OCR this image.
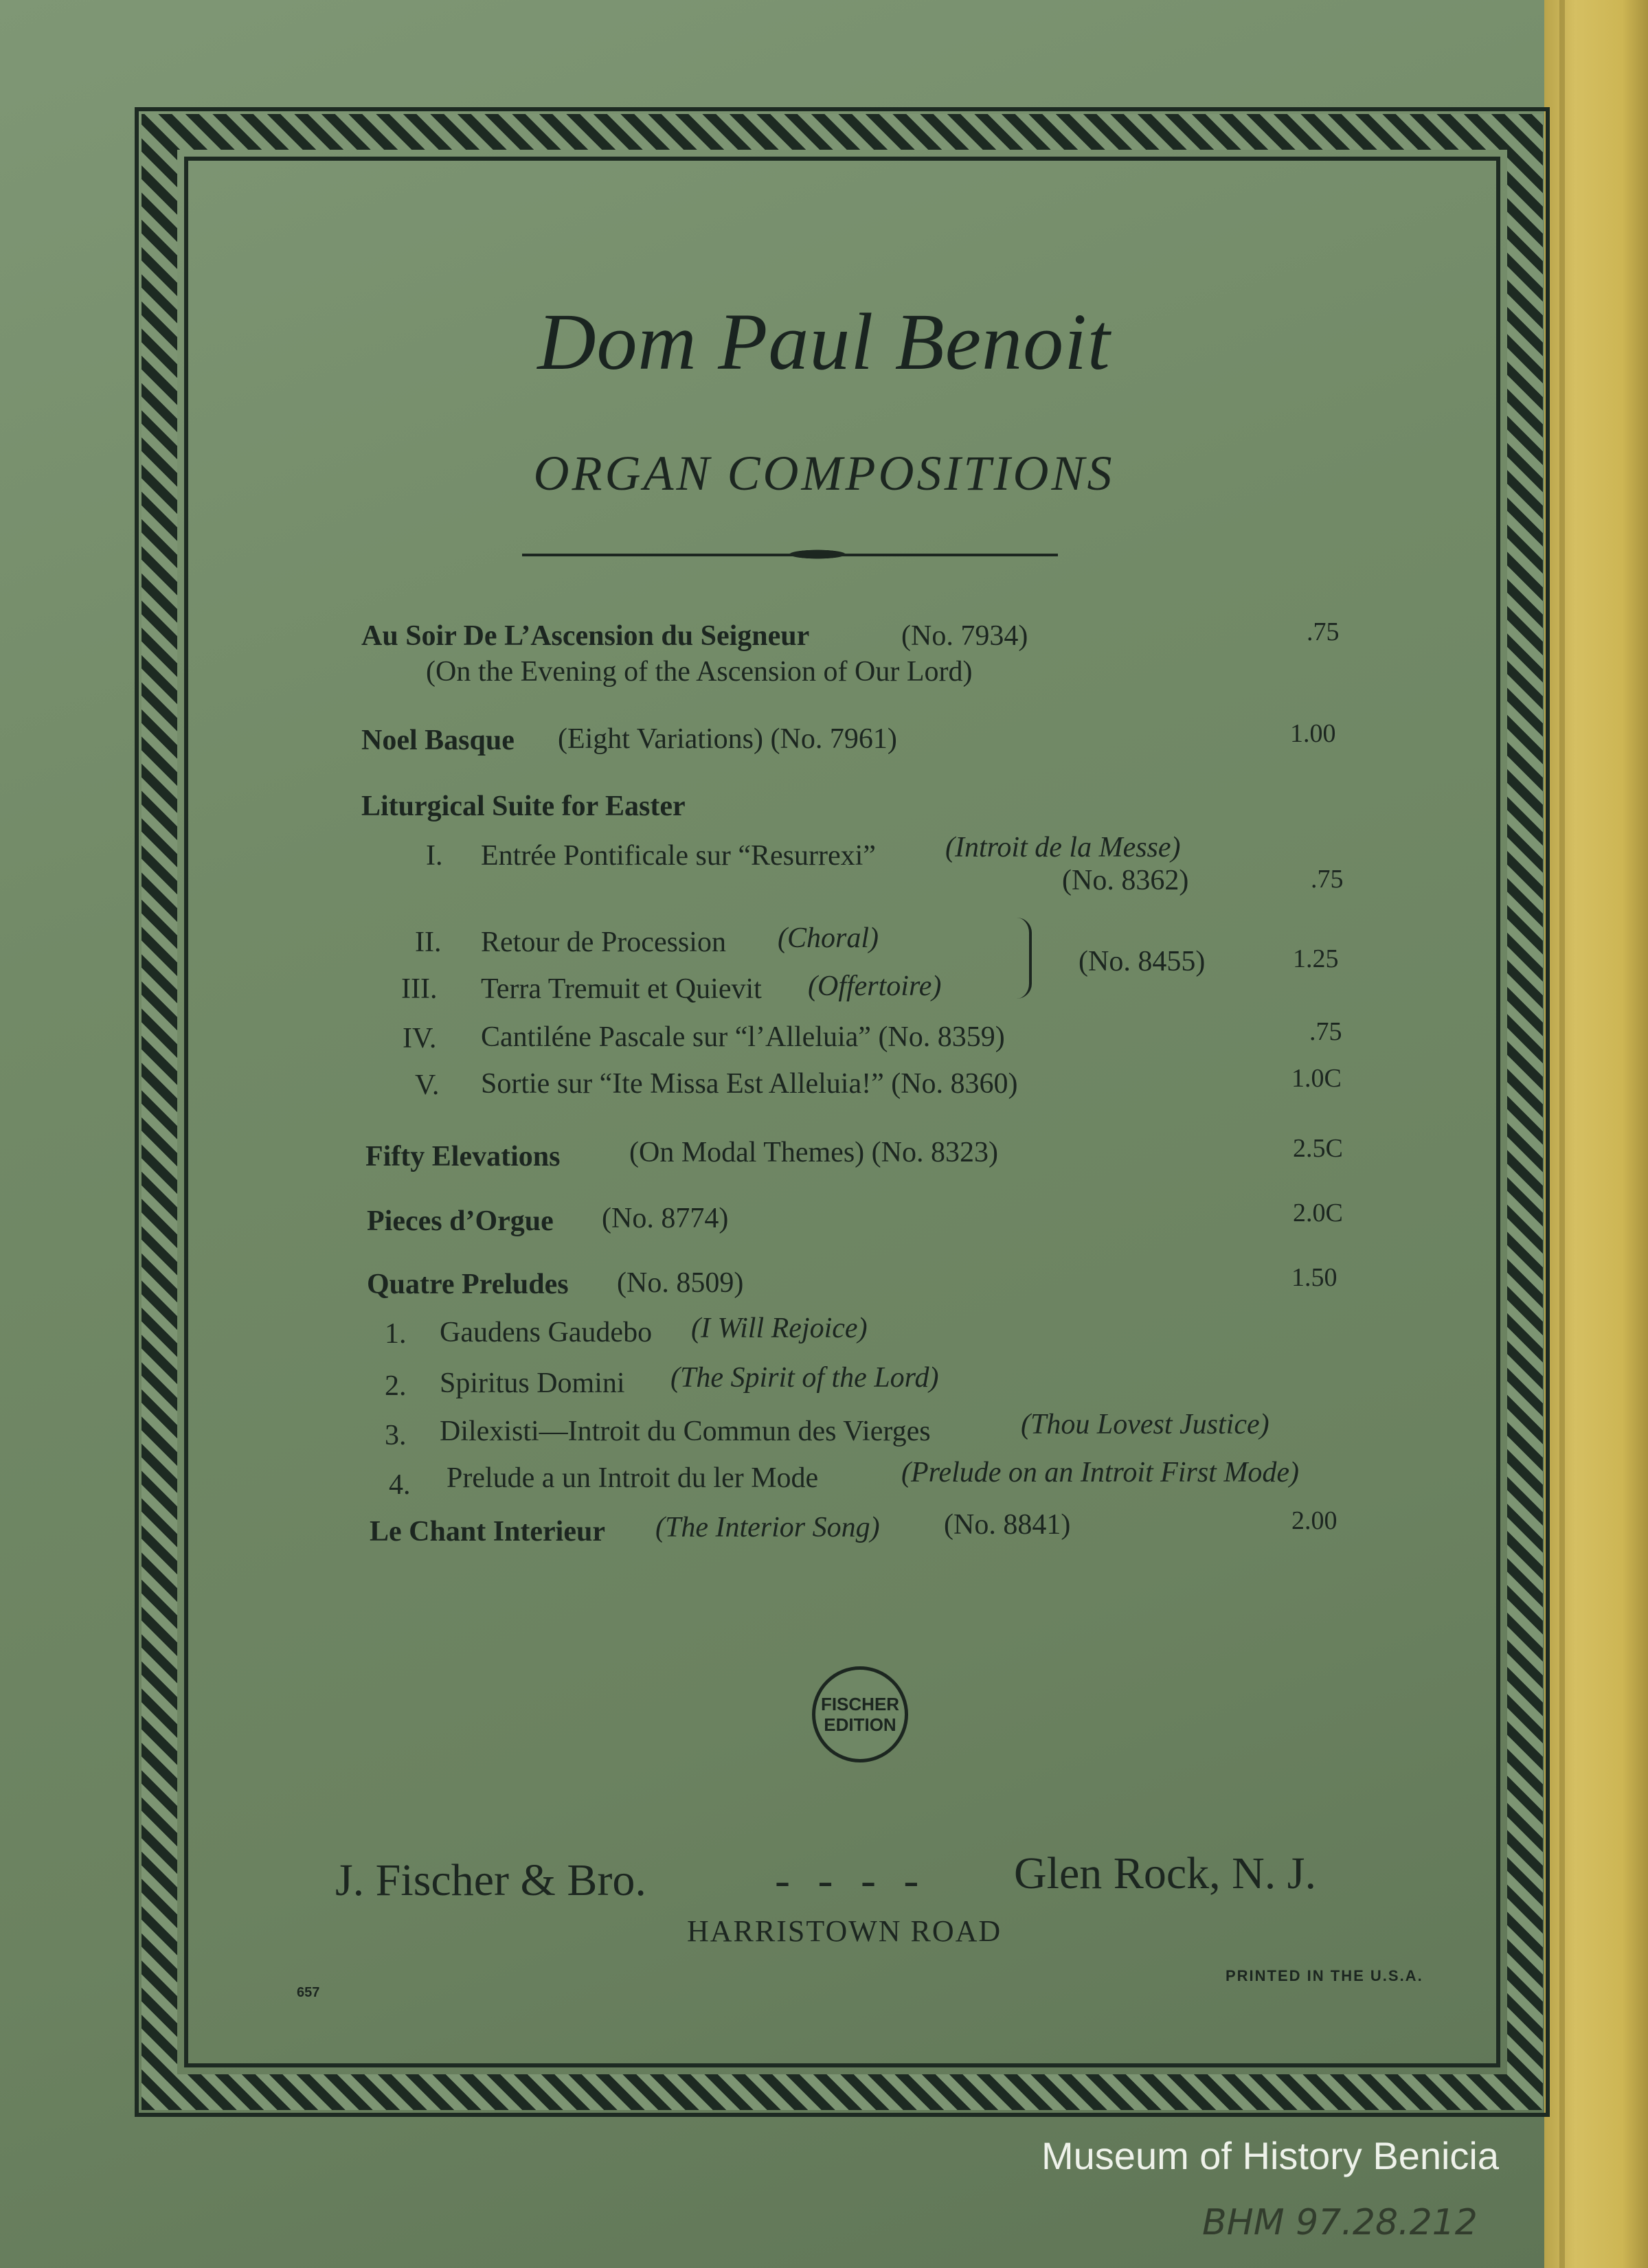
Dom Paul Benoit
ORGAN COMPOSITIONS
Au Soir De L’Ascension du Seigneur	(No. 7934)	.75
(On the Evening of the Ascension of Our Lord)
Noel Basque (Eight Variations) (No. 7961)	1.00
Liturgical Suite for Easter
I. Entrée Pontificale sur “Resurrexi” (Introit de la Messe)
(No. 8362)	.75
II. Retour de Procession (Choral)
III. Terra Tremuit et Quievit (Offertoire)
(No. 8455)	1.25
IV. Cantiléne Pascale sur “l’Alleluia” (No. 8359)	.75
V. Sortie sur “Ite Missa Est Alleluia!” (No. 8360)	1.0C
Fifty Elevations (On Modal Themes) (No. 8323)	2.5C
Pieces d’Orgue (No. 8774)	2.0C
Quatre Preludes (No. 8509)	1.50
1. Gaudens Gaudebo (I Will Rejoice)
2. Spiritus Domini (The Spirit of the Lord)
3. Dilexisti—Introit du Commun des Vierges	(Thou Lovest Justice)
4. Prelude a un Introit du ler Mode	(Prelude on an Introit First Mode)
Le Chant Interieur (The Interior Song) (No. 8841)	2.00
FISCHER
EDITION
J. Fischer & Bro.	- - - - Glen Rock, N. J.
HARRISTOWN ROAD
657
PRINTED IN THE U.S.A.
Museum of History Benicia
BHM 97.28.212
